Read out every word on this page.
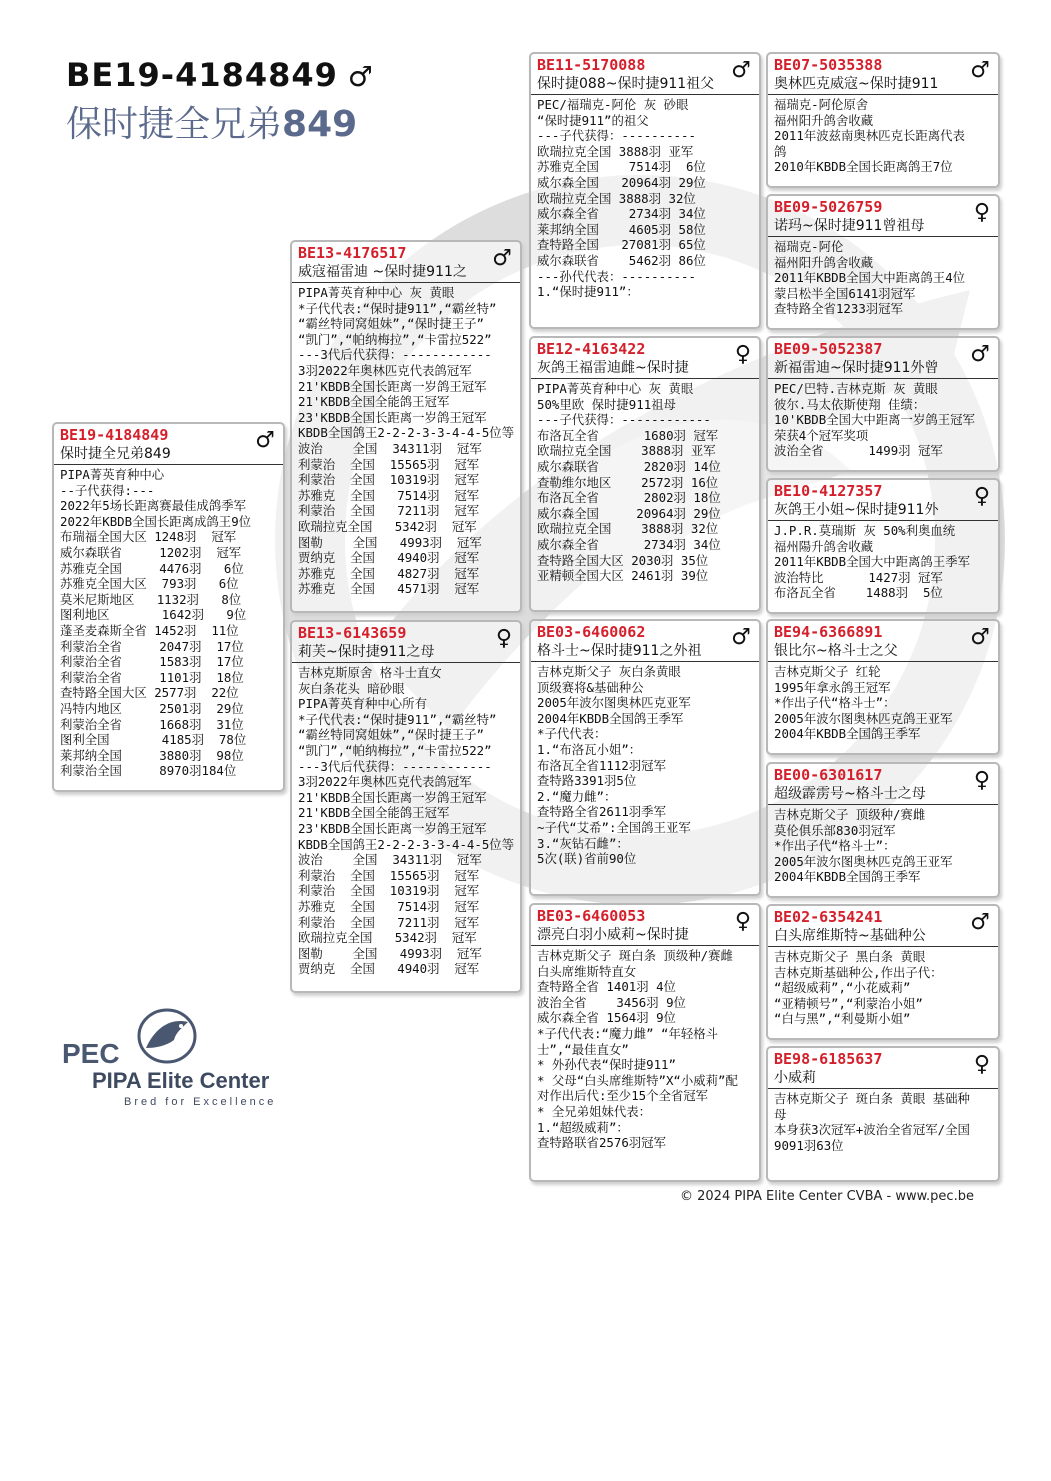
BE19-4184849 ♂
保时捷全兄弟849
BE19-4184849	♂
保时捷全兄弟849
PIPA菁英育种中心
--子代获得:---
2022年5场长距离赛最佳成鸽季军
2022年KBDB全国长距离成鸽王9位
布瑞福全国大区 1248羽  冠军
威尔森联省     1202羽  冠军
苏雅克全国     4476羽   6位
苏雅克全国大区  793羽   6位
莫米尼斯地区   1132羽   8位
图利地区       1642羽   9位
蓬圣麦森斯全省 1452羽  11位
利蒙治全省     2047羽  17位
利蒙治全省     1583羽  17位
利蒙治全省     1101羽  18位
查特路全国大区 2577羽  22位
冯特内地区     2501羽  29位
利蒙治全省     1668羽  31位
图利全国       4185羽  78位
莱邦纳全国     3880羽  98位
利蒙治全国     8970羽184位
BE13-4176517	♂
威寇福雷迪 ~保时捷911之
PIPA菁英育种中心 灰 黄眼
*子代代表:“保时捷911”,“霸丝特”
“霸丝特同窝姐妹”,“保时捷王子”
“凯门”,“帕纳梅拉”,“卡雷拉522”
---3代后代获得：------------
3羽2022年奥林匹克代表鸽冠军
21'KBDB全国长距离一岁鸽王冠军
21'KBDB全国全能鸽王冠军
23'KBDB全国长距离一岁鸽王冠军
KBDB全国鸽王2-2-2-3-3-4-4-5位等
波治    全国  34311羽  冠军
利蒙治  全国  15565羽  冠军
利蒙治  全国  10319羽  冠军
苏雅克  全国   7514羽  冠军
利蒙治  全国   7211羽  冠军
欧瑞拉克全国   5342羽  冠军
图勒    全国   4993羽  冠军
贾纳克  全国   4940羽  冠军
苏雅克  全国   4827羽  冠军
苏雅克  全国   4571羽  冠军
BE13-6143659	♀
莉芙~保时捷911之母
吉林克斯原舍 格斗士直女
灰白条花头 暗砂眼
PIPA菁英育种中心所有
*子代代表:“保时捷911”,“霸丝特”
“霸丝特同窝姐妹”,“保时捷王子”
“凯门”,“帕纳梅拉”,“卡雷拉522”
---3代后代获得：------------
3羽2022年奥林匹克代表鸽冠军
21'KBDB全国长距离一岁鸽王冠军
21'KBDB全国全能鸽王冠军
23'KBDB全国长距离一岁鸽王冠军
KBDB全国鸽王2-2-2-3-3-4-4-5位等
波治    全国  34311羽  冠军
利蒙治  全国  15565羽  冠军
利蒙治  全国  10319羽  冠军
苏雅克  全国   7514羽  冠军
利蒙治  全国   7211羽  冠军
欧瑞拉克全国   5342羽  冠军
图勒    全国   4993羽  冠军
贾纳克  全国   4940羽  冠军
BE11-5170088	♂
保时捷088~保时捷911祖父
PEC/福瑞克-阿伦 灰 砂眼
“保时捷911”的祖父
---子代获得：----------
欧瑞拉克全国 3888羽 亚军
苏雅克全国    7514羽  6位
威尔森全国   20964羽 29位
欧瑞拉克全国 3888羽 32位
威尔森全省    2734羽 34位
莱邦纳全国    4605羽 58位
查特路全国   27081羽 65位
威尔森联省    5462羽 86位
---孙代代表：----------
1.“保时捷911”：
BE12-4163422	♀
灰鸽王福雷迪雌~保时捷
PIPA菁英育种中心 灰 黄眼
50%里欧 保时捷911祖母
---子代获得：------------
布洛瓦全省      1680羽 冠军
欧瑞拉克全国    3888羽 亚军
威尔森联省      2820羽 14位
查勒维尔地区    2572羽 16位
布洛瓦全省      2802羽 18位
威尔森全国     20964羽 29位
欧瑞拉克全国    3888羽 32位
威尔森全省      2734羽 34位
查特路全国大区 2030羽 35位
亚精顿全国大区 2461羽 39位
BE03-6460062	♂
格斗士~保时捷911之外祖
吉林克斯父子 灰白条黄眼
顶级赛将&基础种公
2005年波尔图奥林匹克亚军
2004年KBDB全国鸽王季军
*子代代表：
1.“布洛瓦小姐”：
布洛瓦全省1112羽冠军
查特路3391羽5位
2.“魔力雌”：
查特路全省2611羽季军
~子代“艾希”:全国鸽王亚军
3.“灰钻石雌”：
5次(联)省前90位
BE03-6460053	♀
漂亮白羽小威莉~保时捷
吉林克斯父子 斑白条 顶级种/赛雌
白头席维斯特直女
查特路全省 1401羽 4位
波治全省    3456羽 9位
威尔森全省 1564羽 9位
*子代代表:“魔力雌” “年轻格斗
士”,“最佳直女”
* 外孙代表“保时捷911”
* 父母“白头席维斯特”X“小威莉”配
对作出后代:至少15个全省冠军
* 全兄弟姐妹代表：
1.“超级威莉”：
查特路联省2576羽冠军
BE07-5035388	♂
奥林匹克威寇~保时捷911
福瑞克-阿伦原舍
福州阳升鸽舍收藏
2011年波兹南奥林匹克长距离代表
鸽
2010年KBDB全国长距离鸽王7位
BE09-5026759	♀
诺玛~保时捷911曾祖母
福瑞克-阿伦
福州阳升鸽舍收藏
2011年KBDB全国大中距离鸽王4位
蒙吕松半全国6141羽冠军
查特路全省1233羽冠军
BE09-5052387	♂
新福雷迪~保时捷911外曾
PEC/巴特.吉林克斯 灰 黄眼
彼尔.马太依斯使翔 佳绩：
10'KBDB全国大中距离一岁鸽王冠军
荣获4个冠军奖项
波治全省      1499羽 冠军
BE10-4127357	♀
灰鸽王小姐~保时捷911外
J.P.R.莫瑞斯 灰 50%利奥血统
福州陽升鸽舍收藏
2011年KBDB全国大中距离鸽王季军
波治特比      1427羽 冠军
布洛瓦全省    1488羽  5位
BE94-6366891	♂
银比尔~格斗士之父
吉林克斯父子 红轮
1995年拿永鸽王冠军
*作出子代“格斗士”：
2005年波尔图奥林匹克鸽王亚军
2004年KBDB全国鸽王季军
BE00-6301617	♀
超级霹雳号~格斗士之母
吉林克斯父子 顶级种/赛雌
莫伦俱乐部830羽冠军
*作出子代“格斗士”：
2005年波尔图奥林匹克鸽王亚军
2004年KBDB全国鸽王季军
BE02-6354241	♂
白头席维斯特~基础种公
吉林克斯父子 黑白条 黄眼
吉林克斯基础种公,作出子代：
“超级威莉”,“小花威莉”
“亚精顿号”,“利蒙治小姐”
“白与黑”,“利曼斯小姐”
BE98-6185637	♀
小威莉
吉林克斯父子 斑白条 黄眼 基础种
母
本身获3次冠军+波治全省冠军/全国
9091羽63位
PEC
PIPA Elite Center
Bred for Excellence
© 2024 PIPA Elite Center CVBA - www.pec.be
